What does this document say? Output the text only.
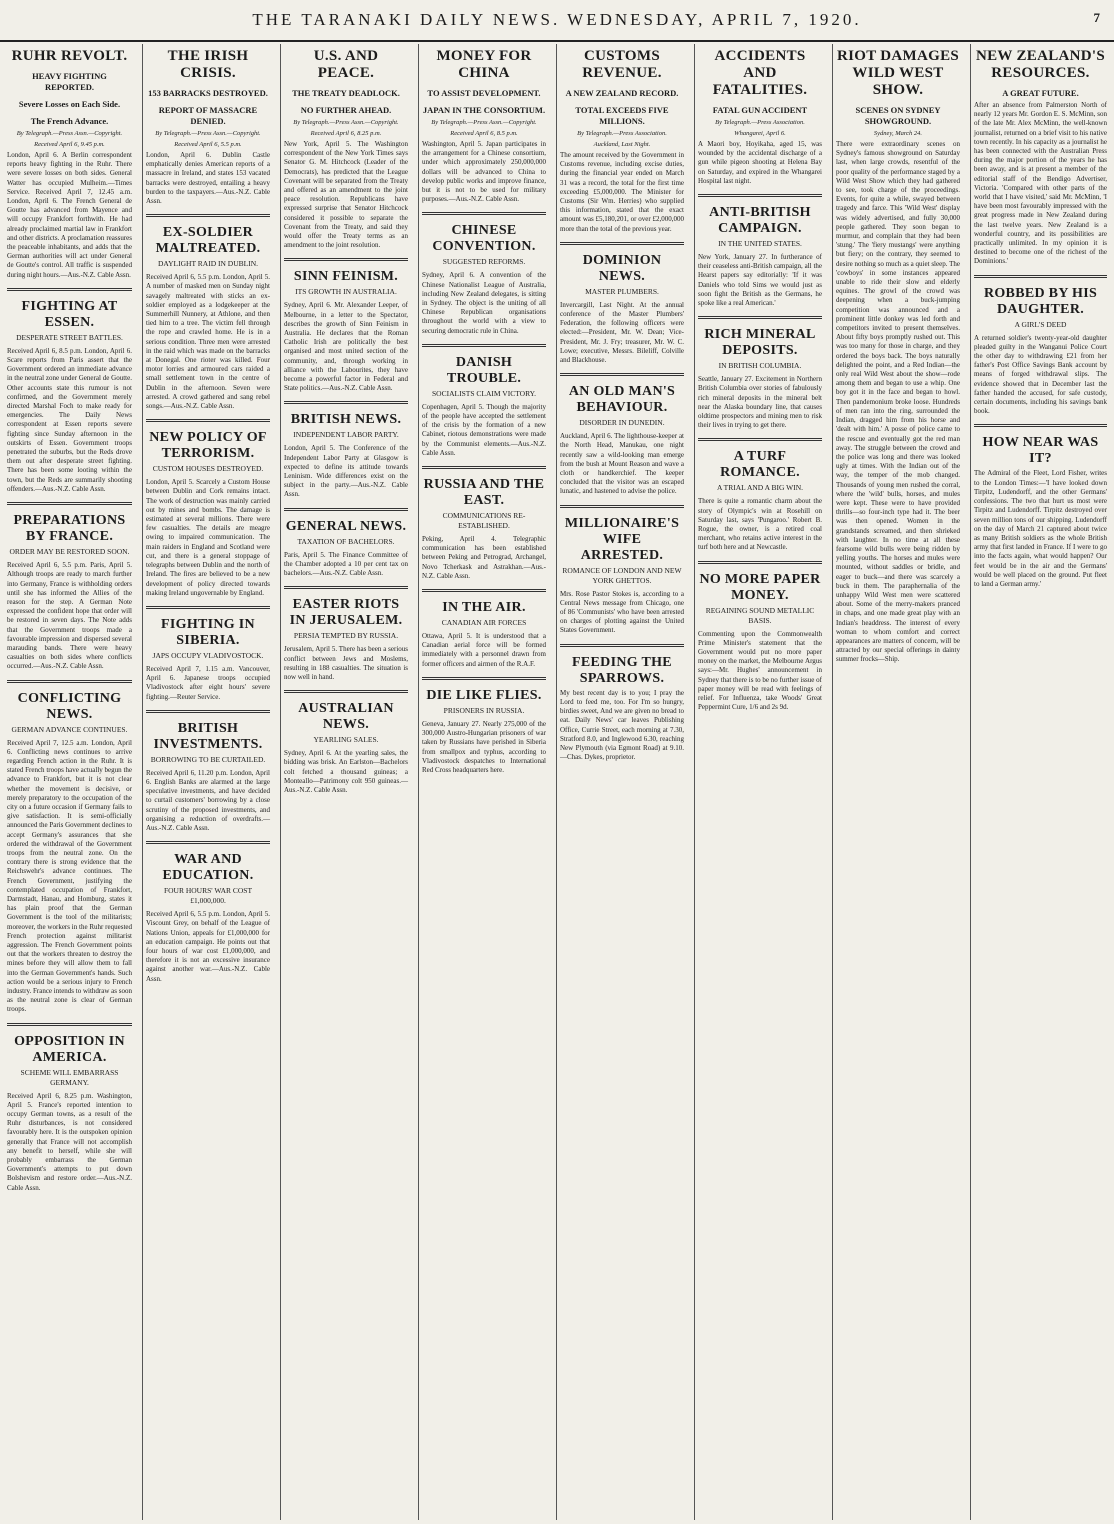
THE TARANAKI DAILY NEWS. WEDNESDAY, APRIL 7, 1920.	7
RUHR REVOLT.
HEAVY FIGHTING REPORTED.
Severe Losses on Each Side.
The French Advance.
By Telegraph.—Press Assn.—Copyright.
Received April 6, 9.45 p.m.

London, April 6. A Berlin correspondent reports heavy fighting in the Ruhr. There were severe losses on both sides. General Watter has occupied Mulheim.—Times Service. Received April 7, 12.45 a.m. London, April 6. The French General de Goutte has advanced from Mayence and will occupy Frankfort forthwith. He had already proclaimed martial law in Frankfort and other districts. A proclamation reassures the peaceable inhabitants, and adds that the German authorities will act under General de Goutte's control. All traffic is suspended during night hours.—Aus.-N.Z. Cable Assn.

FIGHTING AT ESSEN.
DESPERATE STREET BATTLES.

Received April 6, 8.5 p.m. London, April 6. Scare reports from Paris assert that the Government ordered an immediate advance in the neutral zone under General de Goutte. Other accounts state this rumour is not confirmed, and the Government merely directed Marshal Foch to make ready for emergencies. The Daily News correspondent at Essen reports severe fighting since Sunday afternoon in the outskirts of Essen. Government troops penetrated the suburbs, but the Reds drove them out after desperate street fighting. There has been some looting within the town, but the Reds are summarily shooting offenders.—Aus.-N.Z. Cable Assn.

PREPARATIONS BY FRANCE.
ORDER MAY BE RESTORED SOON.

Received April 6, 5.5 p.m. Paris, April 5. Although troops are ready to march further into Germany, France is withholding orders until she has informed the Allies of the reason for the step. A German Note expressed the confident hope that order will be restored in seven days. The Note adds that the Government troops made a favourable impression and dispersed several marauding bands. There were heavy casualties on both sides where conflicts occurred.—Aus.-N.Z. Cable Assn.

CONFLICTING NEWS.
GERMAN ADVANCE CONTINUES.

Received April 7, 12.5 a.m. London, April 6. Conflicting news continues to arrive regarding French action in the Ruhr. It is stated French troops have actually begun the advance to Frankfort, but it is not clear whether the movement is decisive, or merely preparatory to the occupation of the city on a future occasion if Germany fails to give satisfaction. It is semi-officially announced the Paris Government declines to accept Germany's assurances that she ordered the withdrawal of the Government troops from the neutral zone. On the contrary there is strong evidence that the Reichswehr's advance continues. The French Government, justifying the contemplated occupation of Frankfort, Darmstadt, Hanau, and Homburg, states it has plain proof that the German Government is the tool of the militarists; moreover, the workers in the Ruhr requested French protection against militarist aggression. The French Government points out that the workers threaten to destroy the mines before they will allow them to fall into the German Government's hands. Such action would be a serious injury to French industry. France intends to withdraw as soon as the neutral zone is clear of German troops.

OPPOSITION IN AMERICA.
SCHEME WILL EMBARRASS GERMANY.

Received April 6, 8.25 p.m. Washington, April 5. France's reported intention to occupy German towns, as a result of the Ruhr disturbances, is not considered favourably here. It is the outspoken opinion generally that France will not accomplish any benefit to herself, while she will probably embarrass the German Government's attempts to put down Bolshevism and restore order.—Aus.-N.Z. Cable Assn.

THE IRISH CRISIS.
153 BARRACKS DESTROYED.
REPORT OF MASSACRE DENIED.
By Telegraph.—Press Assn.—Copyright.
Received April 6, 5.5 p.m.

London, April 6. Dublin Castle emphatically denies American reports of a massacre in Ireland, and states 153 vacated barracks were destroyed, entailing a heavy burden to the taxpayers.—Aus.-N.Z. Cable Assn.

EX-SOLDIER MALTREATED.
DAYLIGHT RAID IN DUBLIN.

Received April 6, 5.5 p.m. London, April 5. A number of masked men on Sunday night savagely maltreated with sticks an ex-soldier employed as a lodgekeeper at the Summerhill Nunnery, at Athlone, and then tied him to a tree. The victim fell through the rope and crawled home. He is in a serious condition. Three men were arrested in the raid which was made on the barracks at Donegal. One rioter was killed. Four motor lorries and armoured cars raided a small settlement town in the centre of Dublin in the afternoon. Seven were arrested. A crowd gathered and sang rebel songs.—Aus.-N.Z. Cable Assn.

NEW POLICY OF TERRORISM.
CUSTOM HOUSES DESTROYED.

London, April 5. Scarcely a Custom House between Dublin and Cork remains intact. The work of destruction was mainly carried out by mines and bombs. The damage is estimated at several millions. There were few casualties. The details are meagre owing to impaired communication. The main raiders in England and Scotland were cut, and there is a general stoppage of telegraphs between Dublin and the north of Ireland. The fires are believed to be a new development of policy directed towards making Ireland ungovernable by England.

FIGHTING IN SIBERIA.
JAPS OCCUPY VLADIVOSTOCK.

Received April 7, 1.15 a.m. Vancouver, April 6. Japanese troops occupied Vladivostock after eight hours' severe fighting.—Reuter Service.

BRITISH INVESTMENTS.
BORROWING TO BE CURTAILED.

Received April 6, 11.20 p.m. London, April 6. English Banks are alarmed at the large speculative investments, and have decided to curtail customers' borrowing by a close scrutiny of the proposed investments, and organising a reduction of overdrafts.—Aus.-N.Z. Cable Assn.

WAR AND EDUCATION.
FOUR HOURS' WAR COST £1,000,000.

Received April 6, 5.5 p.m. London, April 5. Viscount Grey, on behalf of the League of Nations Union, appeals for £1,000,000 for an education campaign. He points out that four hours of war cost £1,000,000, and therefore it is not an excessive insurance against another war.—Aus.-N.Z. Cable Assn.

U.S. AND PEACE.
THE TREATY DEADLOCK.
NO FURTHER AHEAD.
By Telegraph.—Press Assn.—Copyright.
Received April 6, 8.25 p.m.

New York, April 5. The Washington correspondent of the New York Times says Senator G. M. Hitchcock (Leader of the Democrats), has predicted that the League Covenant will be separated from the Treaty and offered as an amendment to the joint peace resolution. Republicans have expressed surprise that Senator Hitchcock considered it possible to separate the Covenant from the Treaty, and said they would offer the Treaty terms as an amendment to the joint resolution.

SINN FEINISM.
ITS GROWTH IN AUSTRALIA.

Sydney, April 6. Mr. Alexander Leeper, of Melbourne, in a letter to the Spectator, describes the growth of Sinn Feinism in Australia. He declares that the Roman Catholic Irish are politically the best organised and most united section of the community, and, through working in alliance with the Labourites, they have become a powerful factor in Federal and State politics.—Aus.-N.Z. Cable Assn.

BRITISH NEWS.
INDEPENDENT LABOR PARTY.

London, April 5. The Conference of the Independent Labor Party at Glasgow is expected to define its attitude towards Leninism. Wide differences exist on the subject in the party.—Aus.-N.Z. Cable Assn.

GENERAL NEWS.
TAXATION OF BACHELORS.

Paris, April 5. The Finance Committee of the Chamber adopted a 10 per cent tax on bachelors.—Aus.-N.Z. Cable Assn.

EASTER RIOTS IN JERUSALEM.
PERSIA TEMPTED BY RUSSIA.

Jerusalem, April 5. There has been a serious conflict between Jews and Moslems, resulting in 188 casualties. The situation is now well in hand.

AUSTRALIAN NEWS.
YEARLING SALES.

Sydney, April 6. At the yearling sales, the bidding was brisk. An Earlston—Bachelors colt fetched a thousand guineas; a Monteallo—Patrimony colt 950 guineas.—Aus.-N.Z. Cable Assn.

MONEY FOR CHINA
TO ASSIST DEVELOPMENT.
JAPAN IN THE CONSORTIUM.
By Telegraph.—Press Assn.—Copyright.
Received April 6, 8.5 p.m.

Washington, April 5. Japan participates in the arrangement for a Chinese consortium, under which approximately 250,000,000 dollars will be advanced to China to develop public works and improve finance, but it is not to be used for military purposes.—Aus.-N.Z. Cable Assn.

CHINESE CONVENTION.
SUGGESTED REFORMS.

Sydney, April 6. A convention of the Chinese Nationalist League of Australia, including New Zealand delegates, is sitting in Sydney. The object is the uniting of all Chinese Republican organisations throughout the world with a view to securing democratic rule in China.

DANISH TROUBLE.
SOCIALISTS CLAIM VICTORY.

Copenhagen, April 5. Though the majority of the people have accepted the settlement of the crisis by the formation of a new Cabinet, riotous demonstrations were made by the Communist elements.—Aus.-N.Z. Cable Assn.

RUSSIA AND THE EAST.
COMMUNICATIONS RE-ESTABLISHED.

Peking, April 4. Telegraphic communication has been established between Peking and Petrograd, Archangel, Novo Tcherkask and Astrakhan.—Aus.-N.Z. Cable Assn.

IN THE AIR.
CANADIAN AIR FORCES

Ottawa, April 5. It is understood that a Canadian aerial force will be formed immediately with a personnel drawn from former officers and airmen of the R.A.F.

DIE LIKE FLIES.
PRISONERS IN RUSSIA.

Geneva, January 27. Nearly 275,000 of the 300,000 Austro-Hungarian prisoners of war taken by Russians have perished in Siberia from smallpox and typhus, according to Vladivostock despatches to International Red Cross headquarters here.

CUSTOMS REVENUE.
A NEW ZEALAND RECORD.
TOTAL EXCEEDS FIVE MILLIONS.
By Telegraph.—Press Association.
Auckland, Last Night.

The amount received by the Government in Customs revenue, including excise duties, during the financial year ended on March 31 was a record, the total for the first time exceeding £5,000,000. The Minister for Customs (Sir Wm. Herries) who supplied this information, stated that the exact amount was £5,180,201, or over £2,000,000 more than the total of the previous year.

DOMINION NEWS.
MASTER PLUMBERS.

Invercargill, Last Night. At the annual conference of the Master Plumbers' Federation, the following officers were elected:—President, Mr. W. Dean; Vice-President, Mr. J. Fry; treasurer, Mr. W. C. Lowe; executive, Messrs. Bileliff, Colville and Blackhouse.

AN OLD MAN'S BEHAVIOUR.
DISORDER IN DUNEDIN.

Auckland, April 6. The lighthouse-keeper at the North Head, Manukau, one night recently saw a wild-looking man emerge from the bush at Mount Reason and wave a cloth or handkerchief. The keeper concluded that the visitor was an escaped lunatic, and hastened to advise the police.

MILLIONAIRE'S WIFE ARRESTED.
ROMANCE OF LONDON AND NEW YORK GHETTOS.

Mrs. Rose Pastor Stokes is, according to a Central News message from Chicago, one of 86 'Communists' who have been arrested on charges of plotting against the United States Government.

FEEDING THE SPARROWS.

My best recent day is to you; I pray the Lord to feed me, too. For I'm so hungry, birdies sweet, And we are given no bread to eat. Daily News' car leaves Publishing Office, Currie Street, each morning at 7.30, Stratford 8.0, and Inglewood 6.30, reaching New Plymouth (via Egmont Road) at 9.10.—Chas. Dykes, proprietor.

ACCIDENTS AND FATALITIES.
FATAL GUN ACCIDENT
By Telegraph.—Press Association.
Whangarei, April 6.

A Maori boy, Hoyikaha, aged 15, was wounded by the accidental discharge of a gun while pigeon shooting at Helena Bay on Saturday, and expired in the Whangarei Hospital last night.

ANTI-BRITISH CAMPAIGN.
IN THE UNITED STATES.

New York, January 27. In furtherance of their ceaseless anti-British campaign, all the Hearst papers say editorially: 'If it was Daniels who told Sims we would just as soon fight the British as the Germans, he spoke like a real American.'

RICH MINERAL DEPOSITS.
IN BRITISH COLUMBIA.

Seattle, January 27. Excitement in Northern British Columbia over stories of fabulously rich mineral deposits in the mineral belt near the Alaska boundary line, that causes oldtime prospectors and mining men to risk their lives in trying to get there.

A TURF ROMANCE.
A TRIAL AND A BIG WIN.

There is quite a romantic charm about the story of Olympic's win at Rosehill on Saturday last, says 'Pungaroo.' Robert B. Rogue, the owner, is a retired coal merchant, who retains active interest in the turf both here and at Newcastle.

NO MORE PAPER MONEY.
REGAINING SOUND METALLIC BASIS.

Commenting upon the Commonwealth Prime Minister's statement that the Government would put no more paper money on the market, the Melbourne Argus says:—Mr. Hughes' announcement in Sydney that there is to be no further issue of paper money will be read with feelings of relief. For Influenza, take Woods' Great Peppermint Cure, 1/6 and 2s 9d.

RIOT DAMAGES WILD WEST SHOW.
SCENES ON SYDNEY SHOWGROUND.
Sydney, March 24.

There were extraordinary scenes on Sydney's famous showground on Saturday last, when large crowds, resentful of the poor quality of the performance staged by a Wild West Show which they had gathered to see, took charge of the proceedings. Events, for quite a while, swayed between tragedy and farce. This 'Wild West' display was widely advertised, and fully 30,000 people gathered. They soon began to murmur, and complain that they had been 'stung.' The 'fiery mustangs' were anything but fiery; on the contrary, they seemed to desire nothing so much as a quiet sleep. The 'cowboys' in some instances appeared unable to ride their slow and elderly equines. The growl of the crowd was deepening when a buck-jumping competition was announced and a prominent little donkey was led forth and competitors invited to present themselves. About fifty boys promptly rushed out. This was too many for those in charge, and they ordered the boys back. The boys naturally delighted the point, and a Red Indian—the only real Wild West about the show—rode among them and began to use a whip. One boy got it in the face and began to howl. Then pandemonium broke loose. Hundreds of men ran into the ring, surrounded the Indian, dragged him from his horse and 'dealt with him.' A posse of police came to the rescue and eventually got the red man away. The struggle between the crowd and the police was long and there was looked ugly at times. With the Indian out of the way, the temper of the mob changed. Thousands of young men rushed the corral, where the 'wild' bulls, horses, and mules were kept. These were to have provided thrills—so four-inch type had it. The beer was then opened. Women in the grandstands screamed, and then shrieked with laughter. In no time at all these fearsome wild bulls were being ridden by yelling youths. The horses and mules were mounted, without saddles or bridle, and eager to buck—and there was scarcely a buck in them. The paraphernalia of the unhappy Wild West men were scattered about. Some of the merry-makers pranced in chaps, and one made great play with an Indian's headdress. The interest of every woman to whom comfort and correct appearances are matters of concern, will be attracted by our special offerings in dainty summer frocks—Ship.

NEW ZEALAND'S RESOURCES.
A GREAT FUTURE.

After an absence from Palmerston North of nearly 12 years Mr. Gordon E. S. McMinn, son of the late Mr. Alex McMinn, the well-known journalist, returned on a brief visit to his native town recently. In his capacity as a journalist he has been connected with the Australian Press during the major portion of the years he has been away, and is at present a member of the editorial staff of the Bendigo Advertiser, Victoria. 'Compared with other parts of the world that I have visited,' said Mr. McMinn, 'I have been most favourably impressed with the great progress made in New Zealand during the last twelve years. New Zealand is a wonderful country, and its possibilities are practically unlimited. In my opinion it is destined to become one of the richest of the Dominions.'

ROBBED BY HIS DAUGHTER.
A GIRL'S DEED

A returned soldier's twenty-year-old daughter pleaded guilty in the Wanganui Police Court the other day to withdrawing £21 from her father's Post Office Savings Bank account by means of forged withdrawal slips. The evidence showed that in December last the father handed the accused, for safe custody, certain documents, including his savings bank book.

HOW NEAR WAS IT?

The Admiral of the Fleet, Lord Fisher, writes to the London Times:—'I have looked down Tirpitz, Ludendorff, and the other Germans' confessions. The two that hurt us most were Tirpitz and Ludendorff. Tirpitz destroyed over seven million tons of our shipping. Ludendorff on the day of March 21 captured about twice as many British soldiers as the whole British army that first landed in France. If I were to go into the facts again, what would happen? Our feet would be in the air and the Germans' would be well placed on the ground. Put fleet to land a German army.'
